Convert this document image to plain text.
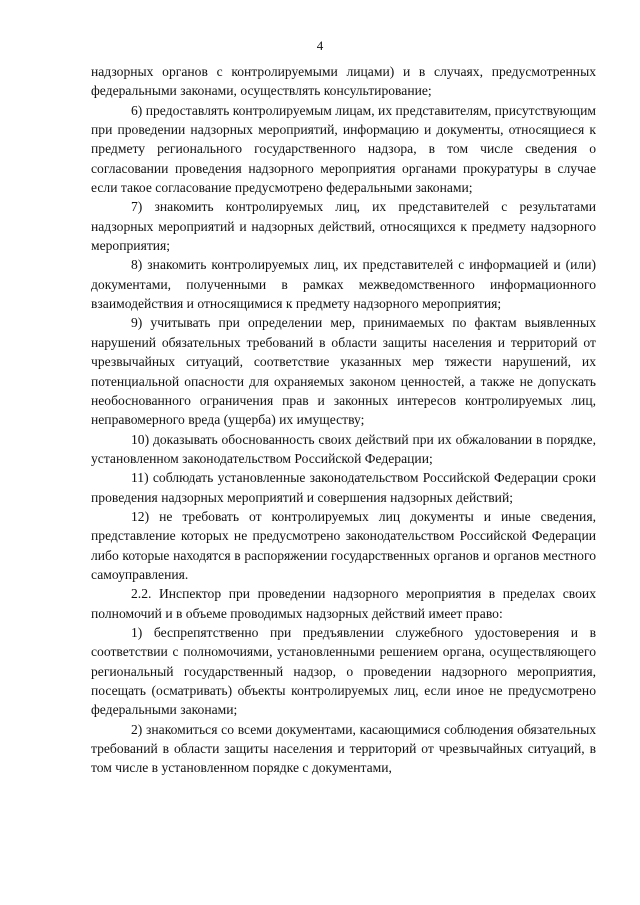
4

надзорных органов с контролируемыми лицами) и в случаях, предусмотренных федеральными законами, осуществлять консультирование;

6) предоставлять контролируемым лицам, их представителям, присутствующим при проведении надзорных мероприятий, информацию и документы, относящиеся к предмету регионального государственного надзора, в том числе сведения о согласовании проведения надзорного мероприятия органами прокуратуры в случае если такое согласование предусмотрено федеральными законами;

7) знакомить контролируемых лиц, их представителей с результатами надзорных мероприятий и надзорных действий, относящихся к предмету надзорного мероприятия;

8) знакомить контролируемых лиц, их представителей с информацией и (или) документами, полученными в рамках межведомственного информационного взаимодействия и относящимися к предмету надзорного мероприятия;

9) учитывать при определении мер, принимаемых по фактам выявленных нарушений обязательных требований в области защиты населения и территорий от чрезвычайных ситуаций, соответствие указанных мер тяжести нарушений, их потенциальной опасности для охраняемых законом ценностей, а также не допускать необоснованного ограничения прав и законных интересов контролируемых лиц, неправомерного вреда (ущерба) их имуществу;

10) доказывать обоснованность своих действий при их обжаловании в порядке, установленном законодательством Российской Федерации;

11) соблюдать установленные законодательством Российской Федерации сроки проведения надзорных мероприятий и совершения надзорных действий;

12) не требовать от контролируемых лиц документы и иные сведения, представление которых не предусмотрено законодательством Российской Федерации либо которые находятся в распоряжении государственных органов и органов местного самоуправления.

2.2. Инспектор при проведении надзорного мероприятия в пределах своих полномочий и в объеме проводимых надзорных действий имеет право:

1) беспрепятственно при предъявлении служебного удостоверения и в соответствии с полномочиями, установленными решением органа, осуществляющего региональный государственный надзор, о проведении надзорного мероприятия, посещать (осматривать) объекты контролируемых лиц, если иное не предусмотрено федеральными законами;

2) знакомиться со всеми документами, касающимися соблюдения обязательных требований в области защиты населения и территорий от чрезвычайных ситуаций, в том числе в установленном порядке с документами,
